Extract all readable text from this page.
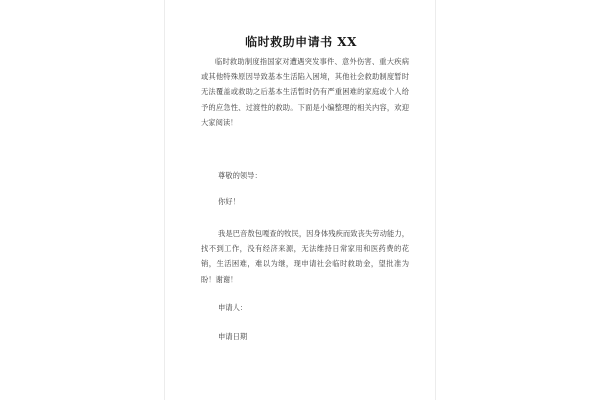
临时救助申请书 XX

临时救助制度指国家对遭遇突发事件、意外伤害、重大疾病或其他特殊原因导致基本生活陷入困境，其他社会救助制度暂时无法覆盖或救助之后基本生活暂时仍有严重困难的家庭或个人给予的应急性、过渡性的救助。下面是小编整理的相关内容，欢迎大家阅读！

尊敬的领导：

你好！

我是巴音敖包嘎查的牧民，因身体残疾而致丧失劳动能力，找不到工作，没有经济来源，无法维持日常家用和医药费的花销，生活困难，难以为继，现申请社会临时救助金，望批准为盼！谢谢！

申请人：

申请日期
